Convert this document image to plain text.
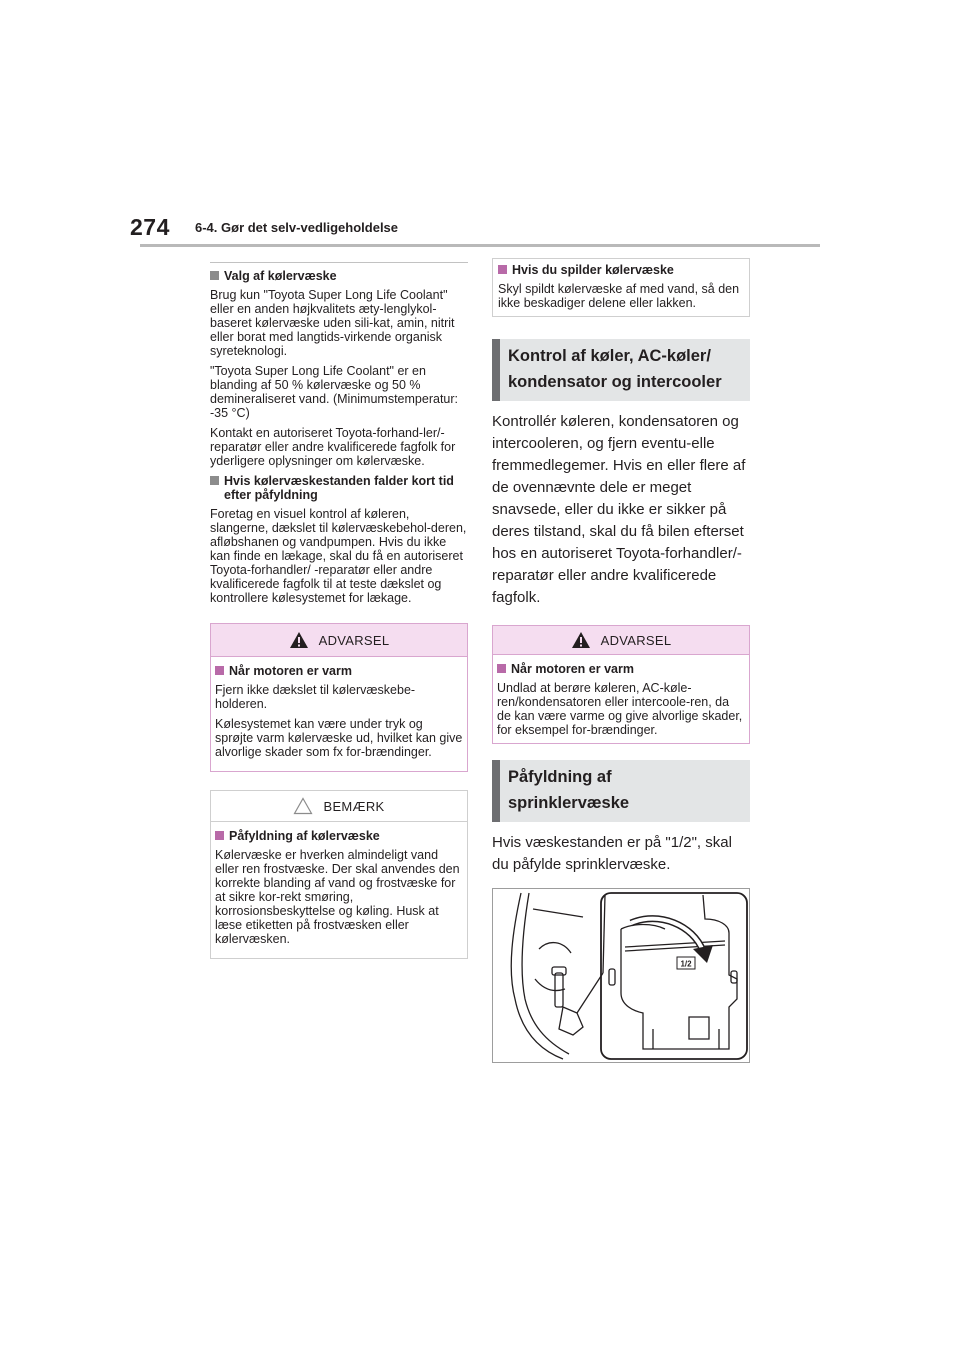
274 6-4. Gør det selv-vedligeholdelse
Valg af kølervæske

Brug kun "Toyota Super Long Life Coolant" eller en anden højkvalitets æty-lenglykol-baseret kølervæske uden sili-kat, amin, nitrit eller borat med langtids-virkende organisk syreteknologi.

"Toyota Super Long Life Coolant" er en blanding af 50 % kølervæske og 50 % demineraliseret vand. (Minimumstemperatur: -35 °C)

Kontakt en autoriseret Toyota-forhand-ler/-reparatør eller andre kvalificerede fagfolk for yderligere oplysninger om kølervæske.

Hvis kølervæskestanden falder kort tid efter påfyldning

Foretag en visuel kontrol af køleren, slangerne, dækslet til kølervæskebehol-deren, afløbshanen og vandpumpen. Hvis du ikke kan finde en lækage, skal du få en autoriseret Toyota-forhandler/ -reparatør eller andre kvalificerede fagfolk til at teste dækslet og kontrollere kølesystemet for lækage.

ADVARSEL
Når motoren er varm

Fjern ikke dækslet til kølervæskebe-holderen.

Kølesystemet kan være under tryk og sprøjte varm kølervæske ud, hvilket kan give alvorlige skader som fx for-brændinger.

BEMÆRK
Påfyldning af kølervæske

Kølervæske er hverken almindeligt vand eller ren frostvæske. Der skal anvendes den korrekte blanding af vand og frostvæske for at sikre kor-rekt smøring, korrosionsbeskyttelse og køling. Husk at læse etiketten på frostvæsken eller kølervæsken.

Hvis du spilder kølervæske

Skyl spildt kølervæske af med vand, så den ikke beskadiger delene eller lakken.

Kontrol af køler, AC-køler/
kondensator og intercooler

Kontrollér køleren, kondensatoren og intercooleren, og fjern eventu-elle fremmedlegemer. Hvis en eller flere af de ovennævnte dele er meget snavsede, eller du ikke er sikker på deres tilstand, skal du få bilen efterset hos en autoriseret Toyota-forhandler/-reparatør eller andre kvalificerede fagfolk.

ADVARSEL
Når motoren er varm

Undlad at berøre køleren, AC-køle-ren/kondensatoren eller intercoole-ren, da de kan være varme og give alvorlige skader, for eksempel for-brændinger.

Påfyldning af
sprinklervæske

Hvis væskestanden er på "1/2", skal du påfylde sprinklervæske.

1/2
